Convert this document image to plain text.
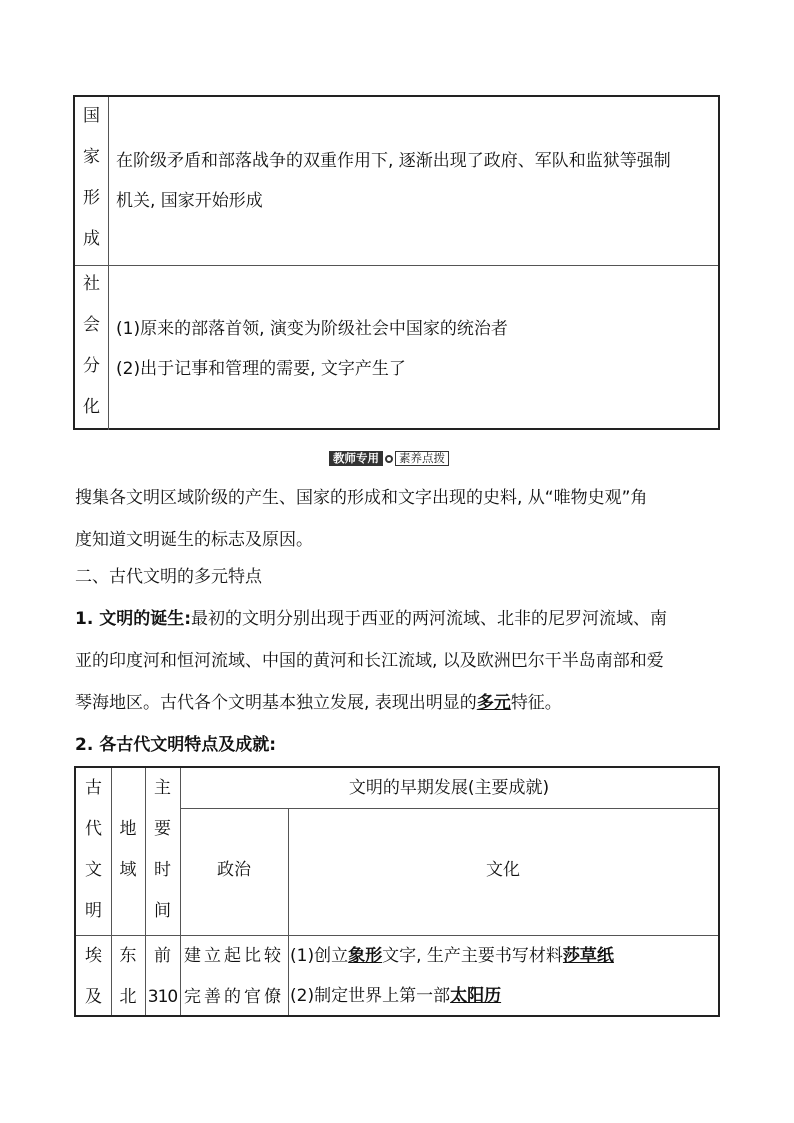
国
家
形
成
在阶级矛盾和部落战争的双重作用下, 逐渐出现了政府、军队和监狱等强制
机关, 国家开始形成
社
会
分
化
(1)原来的部落首领, 演变为阶级社会中国家的统治者
(2)出于记事和管理的需要, 文字产生了
教师专用	素养点拨
搜集各文明区域阶级的产生、国家的形成和文字出现的史料, 从“唯物史观”角
度知道文明诞生的标志及原因。
二、古代文明的多元特点
1. 文明的诞生:最初的文明分别出现于西亚的两河流域、北非的尼罗河流域、南
亚的印度河和恒河流域、中国的黄河和长江流域, 以及欧洲巴尔干半岛南部和爱
琴海地区。古代各个文明基本独立发展, 表现出明显的多元特征。
2. 各古代文明特点及成就:
古
代
文
明
地
域
主
要
时
间
文明的早期发展(主要成就)
政治	文化
埃
及
东
北
前
310
建立起比较
完善的官僚
(1)创立象形文字, 生产主要书写材料莎草纸
(2)制定世界上第一部太阳历
